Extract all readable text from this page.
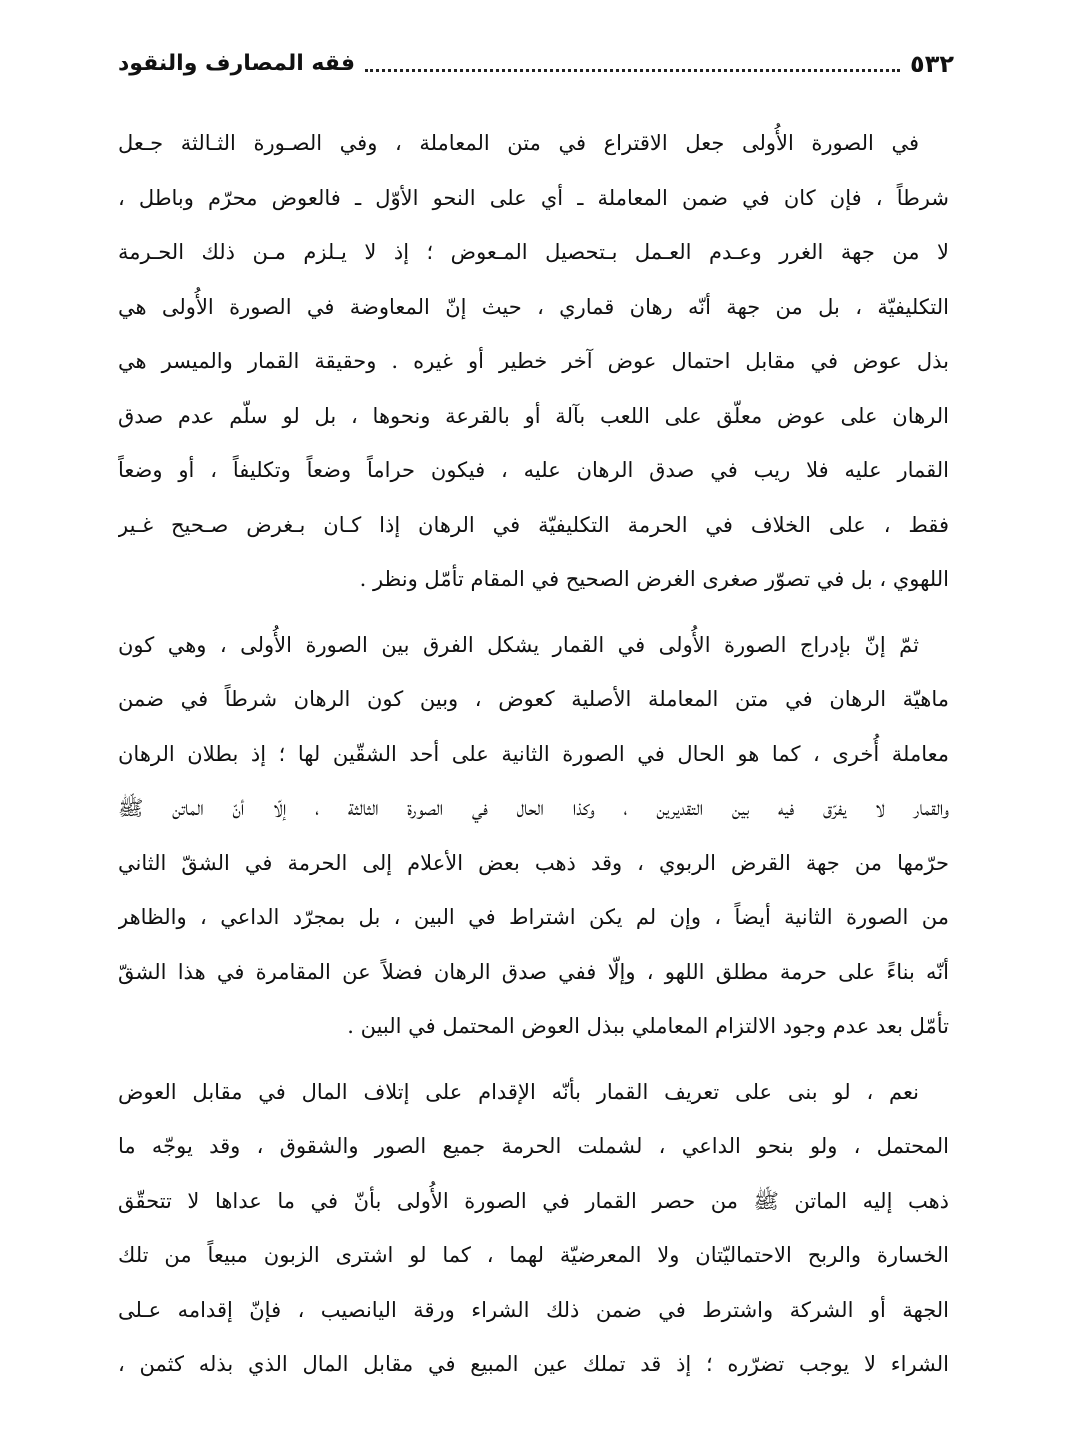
فقه المصارف والنقود	٥٣٢
في الصورة الأُولى جعل الاقتراع في متن المعاملة ، وفي الصـورة الثـالثة جـعل
شرطاً ، فإن كان في ضمن المعاملة ـ أي على النحو الأوّل ـ فالعوض محرّم وباطل ،
لا من جهة الغرر وعـدم العـمل بـتحصيل المـعوض ؛ إذ لا يـلزم مـن ذلك الحـرمة
التكليفيّة ، بل من جهة أنّه رهان قماري ، حيث إنّ المعاوضة في الصورة الأُولى هي
بذل عوض في مقابل احتمال عوض آخر خطير أو غيره . وحقيقة القمار والميسر هي
الرهان على عوض معلّق على اللعب بآلة أو بالقرعة ونحوها ، بل لو سلّم عدم صدق
القمار عليه فلا ريب في صدق الرهان عليه ، فيكون حراماً وضعاً وتكليفاً ، أو وضعاً
فقط ، على الخلاف في الحرمة التكليفيّة في الرهان إذا كـان بـغرض صـحيح غـير
اللهوي ، بل في تصوّر صغرى الغرض الصحيح في المقام تأمّل ونظر .
ثمّ إنّ بإدراج الصورة الأُولى في القمار يشكل الفرق بين الصورة الأُولى ، وهي كون
ماهيّة الرهان في متن المعاملة الأصلية كعوض ، وبين كون الرهان شرطاً في ضمن
معاملة أُخرى ، كما هو الحال في الصورة الثانية على أحد الشقّين لها ؛ إذ بطلان الرهان
والقمار لا يفرّق فيه بين التقديرين ، وكذا الحال في الصورة الثالثة ، إلّا أنّ الماتن ﷺ
حرّمها من جهة القرض الربوي ، وقد ذهب بعض الأعلام إلى الحرمة في الشقّ الثاني
من الصورة الثانية أيضاً ، وإن لم يكن اشتراط في البين ، بل بمجرّد الداعي ، والظاهر
أنّه بناءً على حرمة مطلق اللهو ، وإلّا ففي صدق الرهان فضلاً عن المقامرة في هذا الشقّ
تأمّل بعد عدم وجود الالتزام المعاملي ببذل العوض المحتمل في البين .
نعم ، لو بنى على تعريف القمار بأنّه الإقدام على إتلاف المال في مقابل العوض
المحتمل ، ولو بنحو الداعي ، لشملت الحرمة جميع الصور والشقوق ، وقد يوجّه ما
ذهب إليه الماتن ﷺ من حصر القمار في الصورة الأُولى بأنّ في ما عداها لا تتحقّق
الخسارة والربح الاحتماليّتان ولا المعرضيّة لهما ، كما لو اشترى الزبون مبيعاً من تلك
الجهة أو الشركة واشترط في ضمن ذلك الشراء ورقة اليانصيب ، فإنّ إقدامه عـلى
الشراء لا يوجب تضرّره ؛ إذ قد تملك عين المبيع في مقابل المال الذي بذله كثمن ،
